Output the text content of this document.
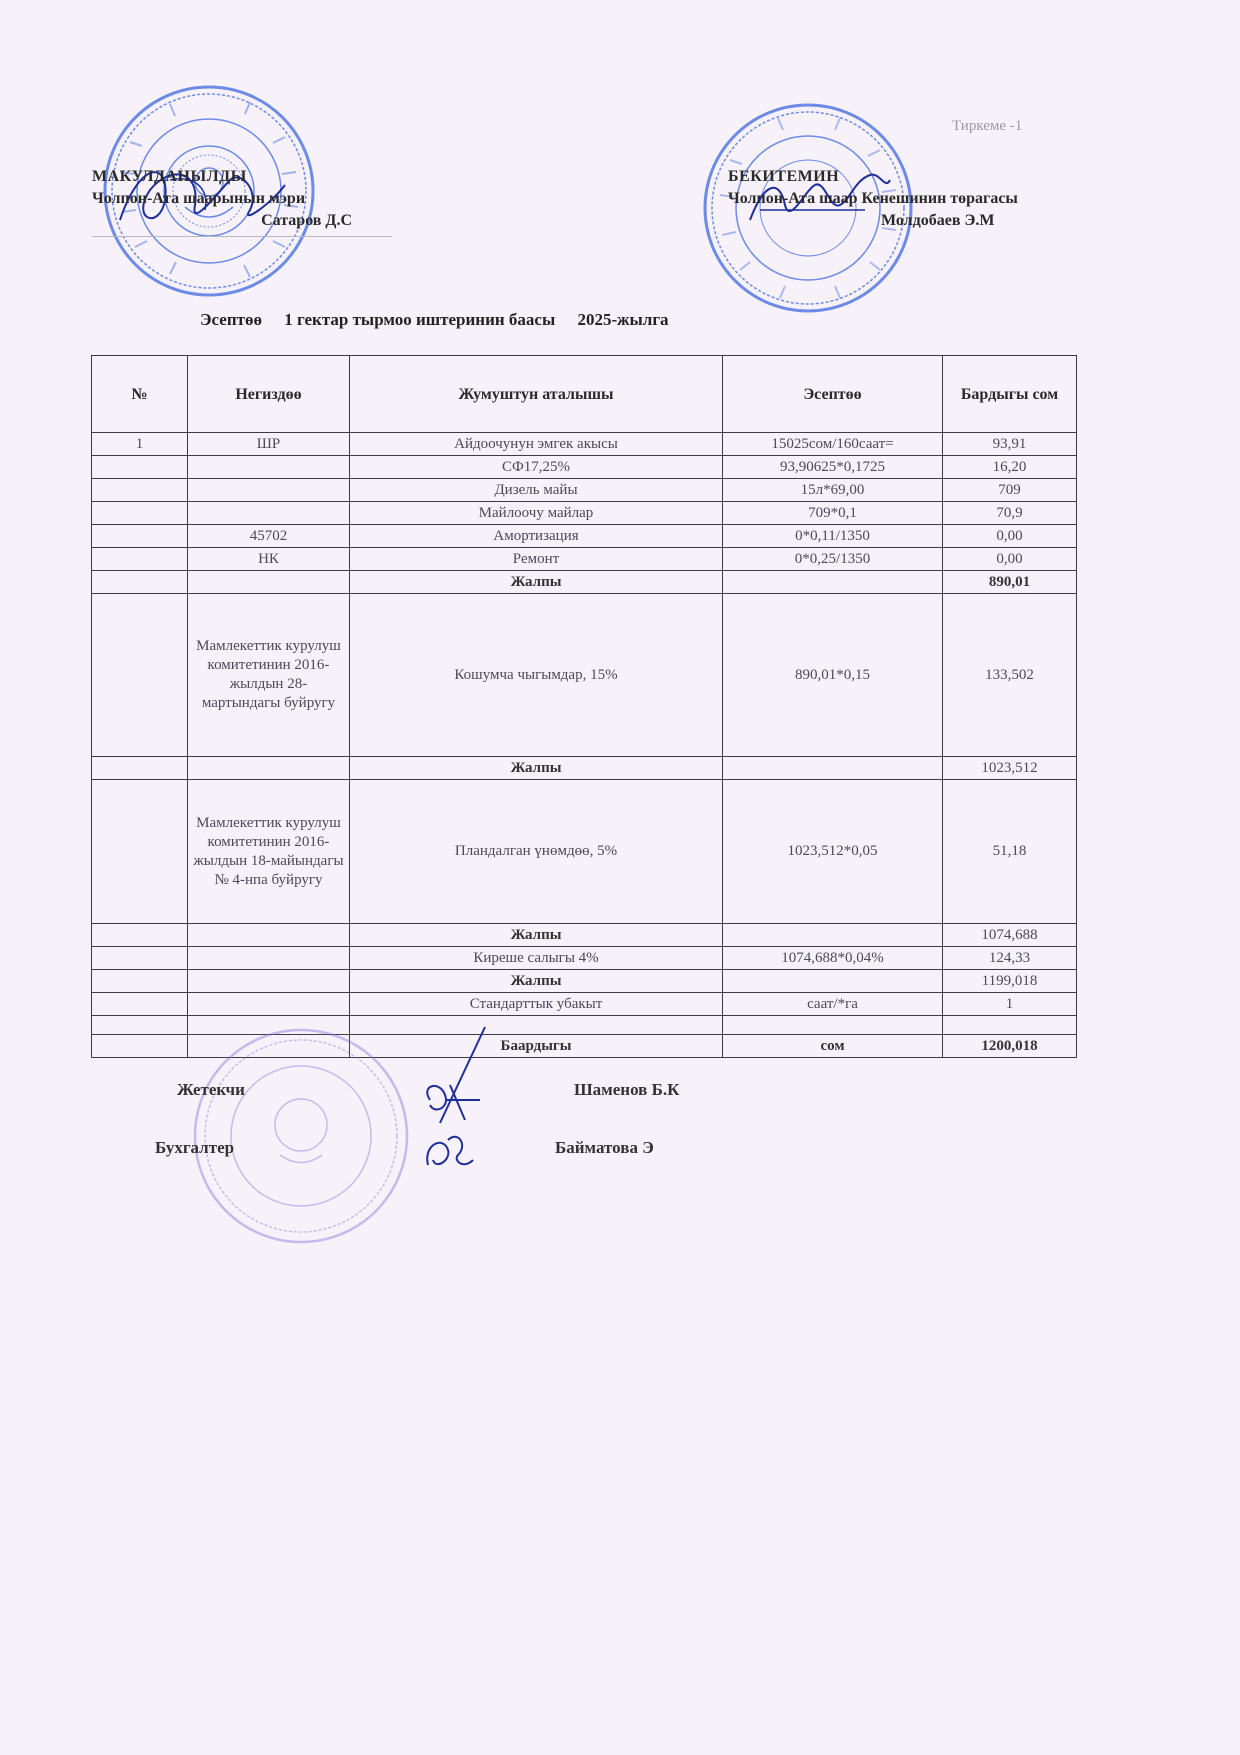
Тиркеме -1
МАКУЛДАНЫЛДЫ
Чолпон-Ата шаарынын мэри
Сатаров Д.С
БЕКИТЕМИН
Чолпон-Ата шаар Кенешинин төрагасы
Молдобаев Э.М
Эсептөө 1 гектар тырмоо иштеринин баасы 2025-жылга
№	Негиздөө	Жумуштун аталышы	Эсептөө	Бардыгы сом
1	ШР	Айдоочунун эмгек акысы	15025сом/160саат=	93,91
		СФ17,25%	93,90625*0,1725	16,20
		Дизель майы	15л*69,00	709
		Майлоочу майлар	709*0,1	70,9
	45702	Амортизация	0*0,11/1350	0,00
	НК	Ремонт	0*0,25/1350	0,00
		Жалпы		890,01
	Мамлекеттик курулуш комитетинин 2016-жылдын 28-мартындагы буйругу	Кошумча чыгымдар, 15%	890,01*0,15	133,502
		Жалпы		1023,512
	Мамлекеттик курулуш комитетинин 2016-жылдын 18-майындагы № 4-нпа буйругу	Пландалган үнөмдөө, 5%	1023,512*0,05	51,18
		Жалпы		1074,688
		Киреше салыгы 4%	1074,688*0,04%	124,33
		Жалпы		1199,018
		Стандарттык убакыт	саат/*га	1

		Баардыгы	сом	1200,018
Жетекчи	Шаменов Б.К
Бухгалтер	Байматова Э
